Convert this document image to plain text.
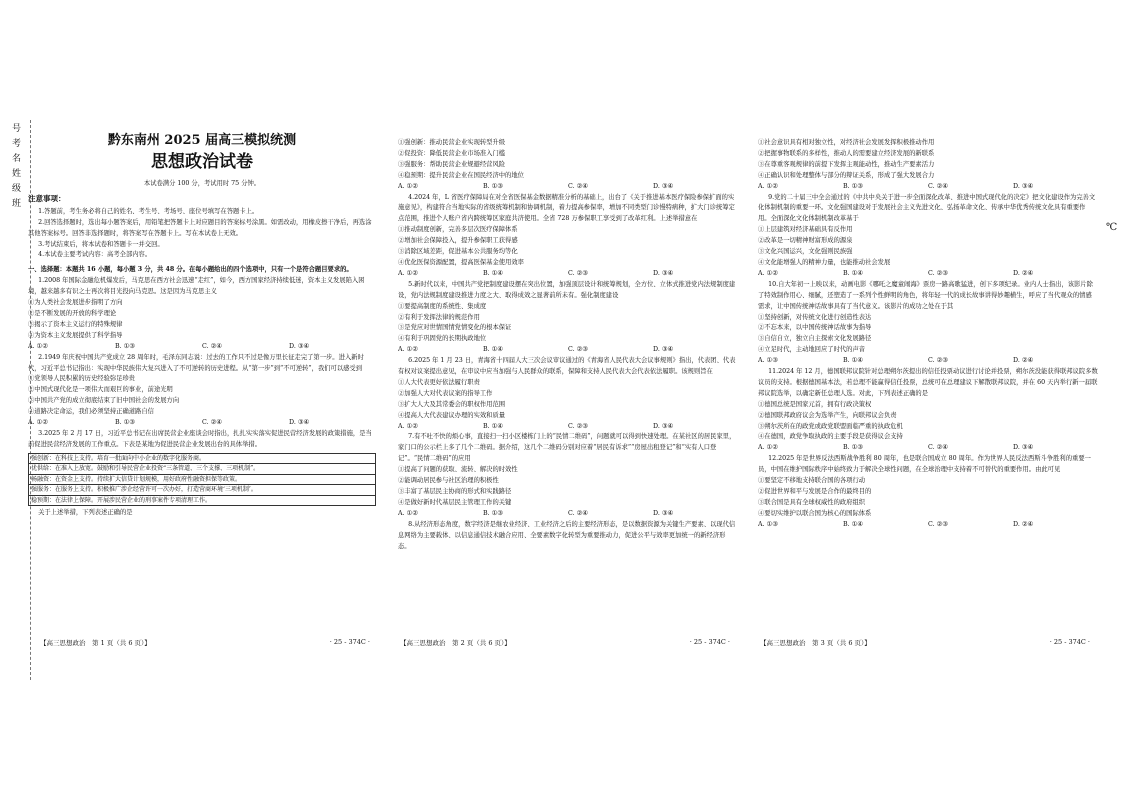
号
考
名
姓
级
班
黔东南州 2025 届高三模拟统测
思想政治试卷
本试卷满分 100 分，考试用时 75 分钟。
注意事项：

1.答题前，考生务必将自己的姓名、考生号、考场号、座位号填写在答题卡上。

2.回答选择题时，选出每小题答案后，用铅笔把答题卡上对应题目的答案标号涂黑。如需改动，用橡皮擦干净后，再选涂其他答案标号。回答非选择题时，将答案写在答题卡上。写在本试卷上无效。

3.考试结束后，将本试卷和答题卡一并交回。

4.本试卷主要考试内容：高考全部内容。

一、选择题：本题共 16 小题，每小题 3 分，共 48 分。在每小题给出的四个选项中，只有一个是符合题目要求的。

1.2008 年国际金融危机爆发后，马克思在西方社会迅速“走红”，如今，西方国家经济持续低迷，资本主义发展陷入困境，越来越多有识之士再次将目光投向马克思。这是因为马克思主义

①为人类社会发展进步指明了方向

②是不断发展的开放的科学理论

③揭示了资本主义运行的特殊规律

④为资本主义发展提供了科学指导

A. ①②	B. ①③	C. ②④	D. ③④

2.1949 年庆祝中国共产党成立 28 周年时，毛泽东同志说：过去的工作只不过是像万里长征走完了第一步。进入新时代，习近平总书记指出：实现中华民族伟大复兴进入了不可逆转的历史进程。从“第一步”到“不可逆转”，我们可以感受到

①党领导人民积累的历史经验弥足珍贵

②中国式现代化是一项伟大而艰巨的事业，前途光明

③中国共产党的成立彻底结束了旧中国社会的发展方向

④道路决定命运，我们必须坚持正确道路自信

A. ①②	B. ①③	C. ②④	D. ③④

3.2025 年 2 月 17 日，习近平总书记在出席民营企业座谈会时指出，扎扎实实落实促进民营经济发展的政策措施，是当前促进民营经济发展的工作重点。下表是某地为促进民营企业发展出台的具体举措。

强创新：在科技上支持。培育一批面向中小企业的数字化服务商。
优供给：在准入上放宽。鼓励和引导民营企业投资“三条管道、三个支撑、三项机制”。
畅融资：在资金上支持。持续扩大信贷计划规模，用好政府性融资担保等政策。
强服务：在服务上支持。积极推广涉企经营许可一次办好，打造营商环境‘三项机制’。
稳预期：在法律上保障。开展涉民营企业的刑事案件专项清理工作。

关于上述举措，下列表述正确的是

①强创新：推动民营企业实现转型升级

②促投资：降低民营企业市场准入门槛

③强服务：帮助民营企业规避经营风险

④稳预期：提升民营企业在国民经济中的地位

A. ①②	B. ①③	C. ②④	D. ③④

4.2024 年，L 省医疗保障局在对全省医保基金数据精准分析的基础上，出台了《关于推进基本医疗保险参保扩面的实施意见》，构建符合当地实际的省级统筹机制和协调机制，着力提高参保率，增加不同类型门诊慢特病种，扩大门诊统筹定点范围，推进个人账户省内跨统筹区家庭共济使用。全省 728 万参保职工享受到了改革红利。上述举措意在

①推动制度创新，完善多层次医疗保障体系

②增加社会保障投入，提升参保职工获得感

③消除区域差距，促进基本公共服务均等化

④优化医保资源配置，提高医保基金使用效率

A. ①②	B. ①④	C. ②③	D. ③④

5.新时代以来，中国共产党把制度建设摆在突出位置，加强顶层设计和统筹规划，全方位、立体式推进党内法规制度建设，党内法规制度建设推进力度之大、取得成效之显著前所未有。强化制度建设

①要提高制度的系统性、集成度

②有利于发挥法律的规范作用

③是党应对世情国情党情变化的根本保证

④有利于巩固党的长期执政地位

A. ①②	B. ①④	C. ②③	D. ③④

6.2025 年 1 月 23 日，青海省十四届人大三次会议审议通过的《青海省人民代表大会议事规则》指出，代表团、代表有权对议案提出意见，在审议中应当加强与人民群众的联系，保障和支持人民代表大会代表依法履职。该规则旨在

①人大代表更好依法履行职责

②加强人大对代表议案的指导工作

③扩大人大及其常委会的职权作用范围

④提高人大代表建议办理的实效和质量

A. ①②	B. ①④	C. ②③	D. ③④

7.有不吐不快的烦心事，直接扫一扫小区楼栋门上的“民情二维码”，问题就可以得到快速处理。在某社区的居民家里，家门口的公示栏上多了几个二维码。据介绍，这几个二维码分别对应着“居民有诉求”“房屋出租登记”和“实有人口登记”。“民情二维码”的应用

①提高了问题的获取、流转、解决的时效性

②能调动居民参与社区治理的积极性

③丰富了基层民主协商的形式和实践路径

④是做好新时代基层民主管理工作的关键

A. ①②	B. ①③	C. ②④	D. ③④

8.从经济形态角度，数字经济是继农业经济、工业经济之后的主要经济形态，是以数据资源为关键生产要素、以现代信息网络为主要载体、以信息通信技术融合应用、全要素数字化转型为重要推动力，促进公平与效率更加统一的新经济形态。

①社会意识具有相对独立性，对经济社会发展发挥积极推动作用

②把握事物联系的多样性，推动人的需要建立经济发展的新联系

③在尊重客观规律的前提下发挥主观能动性，推动生产要素活力

④正确认识和处理整体与部分的辩证关系，形成了强大发展合力

A. ①②	B. ①③	C. ②④	D. ③④

9.党的二十届三中全会通过的《中共中央关于进一步全面深化改革、推进中国式现代化的决定》把文化建设作为完善文化体制机制的重要一环。文化强国建设对于发展社会主义先进文化、弘扬革命文化、传承中华优秀传统文化具有重要作用。全面深化文化体制机制改革基于

①上层建筑对经济基础具有反作用

②改革是一切精神财富形成的源泉

③文化兴国运兴，文化强则民族强

④文化能增强人的精神力量，也能推动社会发展

A. ①②	B. ①④	C. ②③	D. ②④

10.自大年初一上映以来，动画电影《哪吒之魔童闹海》票房一路高歌猛进，创下多项纪录。业内人士指出，该影片除了特效制作用心、细腻，还塑造了一系列个性鲜明的角色，将年轻一代的成长故事讲得妙趣横生，呼应了当代观众的情感需求，让中国传统神话故事具有了当代意义。该影片的成功之处在于其

①坚持创新，对传统文化进行创造性表达

②不忘本来，以中国传统神话故事为指导

③自信自立，独立自主探索文化发展路径

④立足时代，主动地回应了时代的声音

A. ①③	B. ①④	C. ②③	D. ②④

11.2024 年 12 月，德国联邦议院针对总理朔尔茨提出的信任投票动议进行讨论并投票，朔尔茨没能获得联邦议院多数议员的支持。根据德国基本法，若总理不能赢得信任投票，总统可在总理建议下解散联邦议院，并在 60 天内举行新一届联邦议院选举，以确定新任总理人选。对此，下列表述正确的是

①德国总统是国家元首，拥有行政决策权

②德国联邦政府议会为选举产生，向联邦议会负责

③朔尔茨所在的政党或政党联盟面临严重的执政危机

④在德国，政党争取执政的主要手段是获得议会支持

A. ①②	B. ①③	C. ②④	D. ③④

12.2025 年是世界反法西斯战争胜利 80 周年，也是联合国成立 80 周年。作为世界人民反法西斯斗争胜利的重要一员，中国在维护国际秩序中始终致力于解决全球性问题，在全球治理中支持着不可替代的重要作用。由此可见

①要坚定不移地支持联合国的各项行动

②促进世界和平与发展是合作的最终目的

③联合国是具有全球权威性的政府组织

④要切实维护以联合国为核心的国际体系

A. ①③	B. ①④	C. ②③	D. ②④
【高三思想政治　第 1 页（共 6 页）】	· 25 - 374C ·	【高三思想政治　第 2 页（共 6 页）】	· 25 - 374C ·	【高三思想政治　第 3 页（共 6 页）】	· 25 - 374C ·
℃
